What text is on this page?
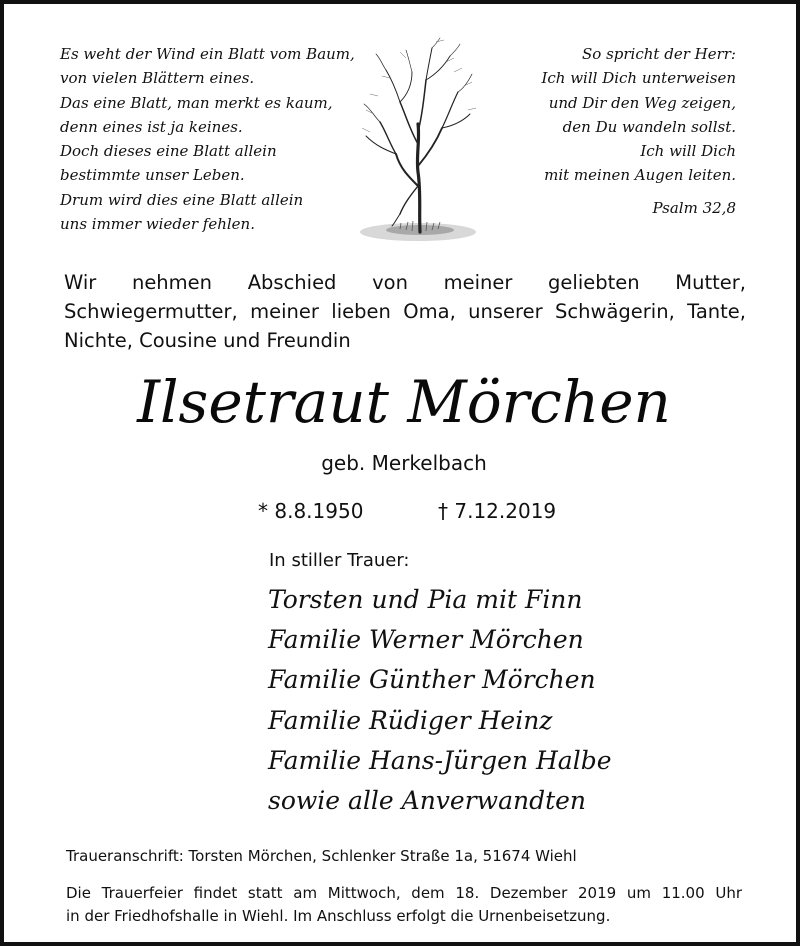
Es weht der Wind ein Blatt vom Baum,
von vielen Blättern eines.
Das eine Blatt, man merkt es kaum,
denn eines ist ja keines.
Doch dieses eine Blatt allein
bestimmte unser Leben.
Drum wird dies eine Blatt allein
uns immer wieder fehlen.
So spricht der Herr:
Ich will Dich unterweisen
und Dir den Weg zeigen,
den Du wandeln sollst.
Ich will Dich
mit meinen Augen leiten.
Psalm 32,8
Wir nehmen Abschied von meiner geliebten Mutter, Schwiegermutter, meiner lieben Oma, unserer Schwägerin, Tante, Nichte, Cousine und Freundin
Ilsetraut Mörchen
geb. Merkelbach
* 8.8.1950	† 7.12.2019
In stiller Trauer:
Torsten und Pia mit Finn
Familie Werner Mörchen
Familie Günther Mörchen
Familie Rüdiger Heinz
Familie Hans-Jürgen Halbe
sowie alle Anverwandten
Traueranschrift: Torsten Mörchen, Schlenker Straße 1a, 51674 Wiehl
Die Trauerfeier findet statt am Mittwoch, dem 18. Dezember 2019 um 11.00 Uhr
in der Friedhofshalle in Wiehl. Im Anschluss erfolgt die Urnenbeisetzung.
